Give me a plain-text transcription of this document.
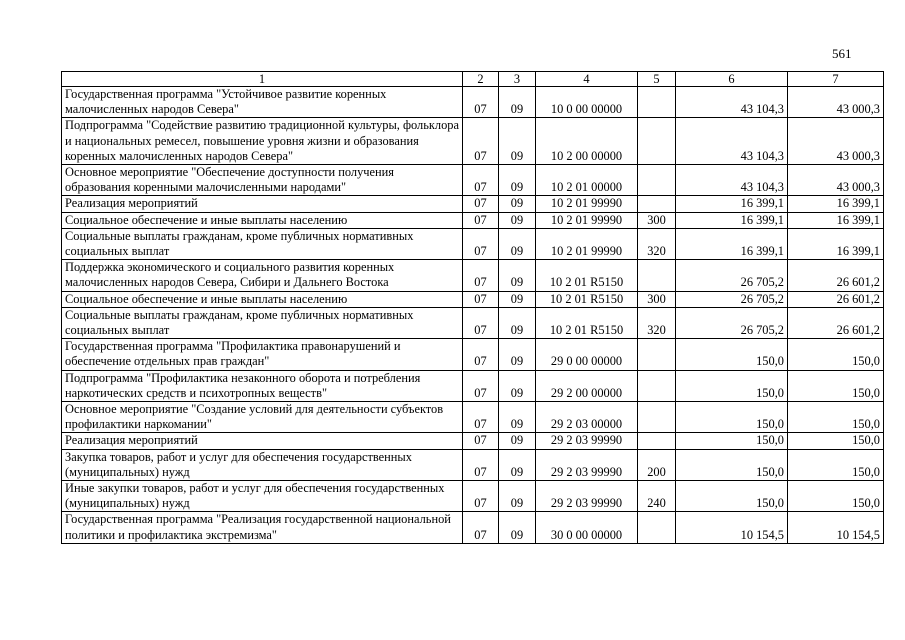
561
1	2	3	4	5	6	7
Государственная программа "Устойчивое развитие коренных малочисленных народов Севера"	07	09	10 0 00 00000		43 104,3	43 000,3
Подпрограмма "Содействие развитию традиционной культуры, фольклора и национальных ремесел, повышение уровня жизни и образования коренных малочисленных народов Севера"	07	09	10 2 00 00000		43 104,3	43 000,3
Основное мероприятие "Обеспечение доступности получения образования коренными малочисленными народами"	07	09	10 2 01 00000		43 104,3	43 000,3
Реализация мероприятий	07	09	10 2 01 99990		16 399,1	16 399,1
Социальное обеспечение и иные выплаты населению	07	09	10 2 01 99990	300	16 399,1	16 399,1
Социальные выплаты гражданам, кроме публичных нормативных социальных выплат	07	09	10 2 01 99990	320	16 399,1	16 399,1
Поддержка экономического и социального развития коренных малочисленных народов Севера, Сибири и Дальнего Востока	07	09	10 2 01 R5150		26 705,2	26 601,2
Социальное обеспечение и иные выплаты населению	07	09	10 2 01 R5150	300	26 705,2	26 601,2
Социальные выплаты гражданам, кроме публичных нормативных социальных выплат	07	09	10 2 01 R5150	320	26 705,2	26 601,2
Государственная программа "Профилактика правонарушений и обеспечение отдельных прав граждан"	07	09	29 0 00 00000		150,0	150,0
Подпрограмма "Профилактика незаконного оборота и потребления наркотических средств и психотропных веществ"	07	09	29 2 00 00000		150,0	150,0
Основное мероприятие "Создание условий для деятельности субъектов профилактики наркомании"	07	09	29 2 03 00000		150,0	150,0
Реализация мероприятий	07	09	29 2 03 99990		150,0	150,0
Закупка товаров, работ и услуг для обеспечения государственных (муниципальных) нужд	07	09	29 2 03 99990	200	150,0	150,0
Иные закупки товаров, работ и услуг для обеспечения государственных (муниципальных) нужд	07	09	29 2 03 99990	240	150,0	150,0
Государственная программа "Реализация государственной национальной политики и профилактика экстремизма"	07	09	30 0 00 00000		10 154,5	10 154,5
